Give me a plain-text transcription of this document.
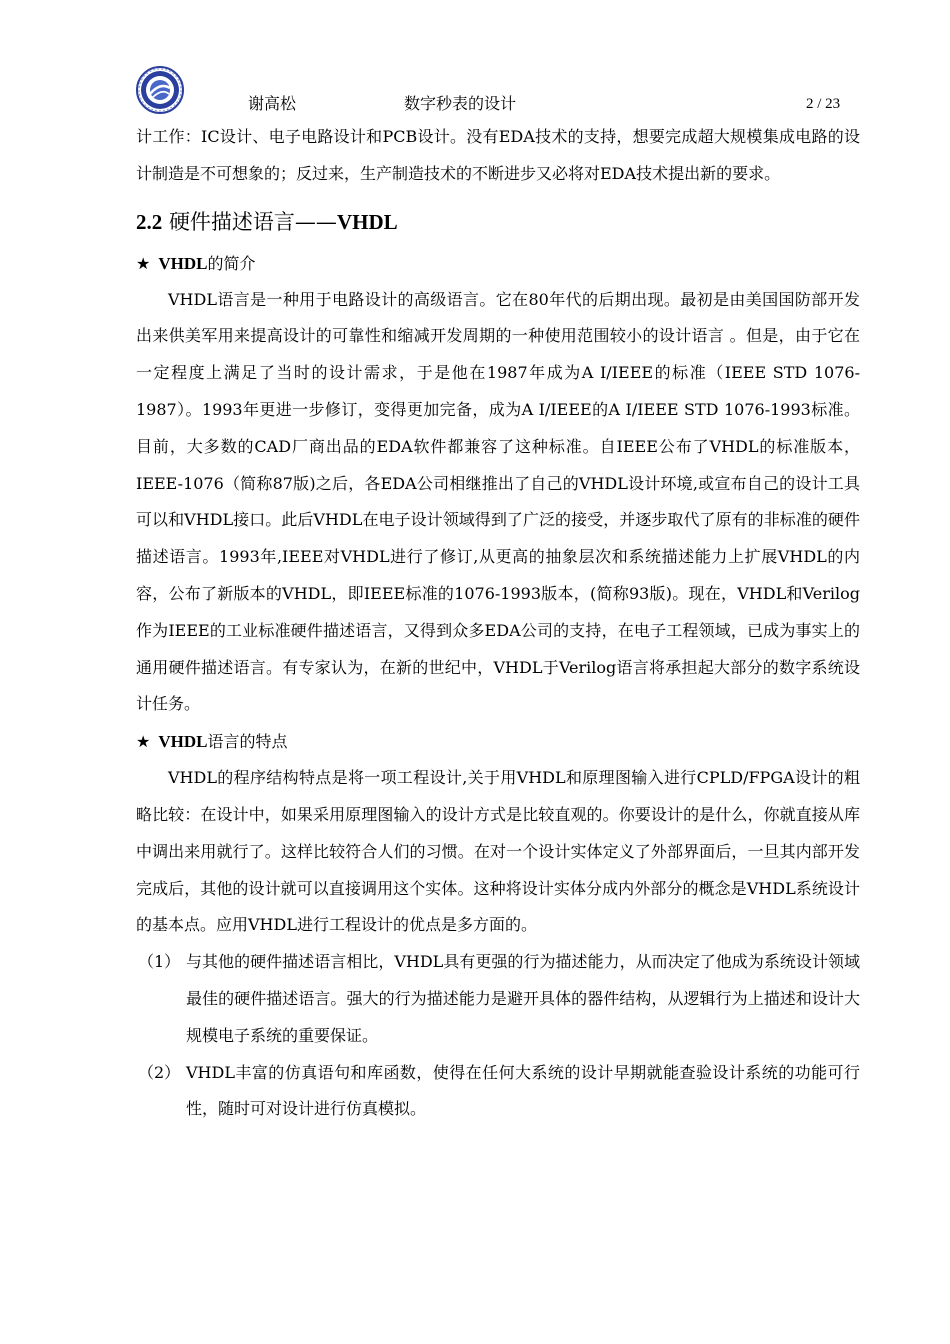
谢高松	数字秒表的设计	2 / 23

计工作：IC设计、电子电路设计和PCB设计。没有EDA技术的支持，想要完成超大规模集成电路的设计制造是不可想象的；反过来，生产制造技术的不断进步又必将对EDA技术提出新的要求。

2.2 硬件描述语言——VHDL
★ VHDL的简介

VHDL语言是一种用于电路设计的高级语言。它在80年代的后期出现。最初是由美国国防部开发出来供美军用来提高设计的可靠性和缩减开发周期的一种使用范围较小的设计语言 。但是，由于它在一定程度上满足了当时的设计需求，于是他在1987年成为A I/IEEE的标准（IEEE STD 1076-1987）。1993年更进一步修订，变得更加完备，成为A I/IEEE的A I/IEEE STD 1076-1993标准。目前，大多数的CAD厂商出品的EDA软件都兼容了这种标准。自IEEE公布了VHDL的标准版本，IEEE-1076（简称87版)之后，各EDA公司相继推出了自己的VHDL设计环境,或宣布自己的设计工具可以和VHDL接口。此后VHDL在电子设计领域得到了广泛的接受，并逐步取代了原有的非标准的硬件描述语言。1993年,IEEE对VHDL进行了修订,从更高的抽象层次和系统描述能力上扩展VHDL的内容，公布了新版本的VHDL，即IEEE标准的1076-1993版本，(简称93版)。现在，VHDL和Verilog作为IEEE的工业标准硬件描述语言，又得到众多EDA公司的支持，在电子工程领域，已成为事实上的通用硬件描述语言。有专家认为，在新的世纪中，VHDL于Verilog语言将承担起大部分的数字系统设计任务。

★ VHDL语言的特点

VHDL的程序结构特点是将一项工程设计,关于用VHDL和原理图输入进行CPLD/FPGA设计的粗略比较：在设计中，如果采用原理图输入的设计方式是比较直观的。你要设计的是什么，你就直接从库中调出来用就行了。这样比较符合人们的习惯。在对一个设计实体定义了外部界面后，一旦其内部开发完成后，其他的设计就可以直接调用这个实体。这种将设计实体分成内外部分的概念是VHDL系统设计的基本点。应用VHDL进行工程设计的优点是多方面的。

（1） 与其他的硬件描述语言相比，VHDL具有更强的行为描述能力，从而决定了他成为系统设计领域最佳的硬件描述语言。强大的行为描述能力是避开具体的器件结构，从逻辑行为上描述和设计大规模电子系统的重要保证。
（2） VHDL丰富的仿真语句和库函数，使得在任何大系统的设计早期就能查验设计系统的功能可行性，随时可对设计进行仿真模拟。
